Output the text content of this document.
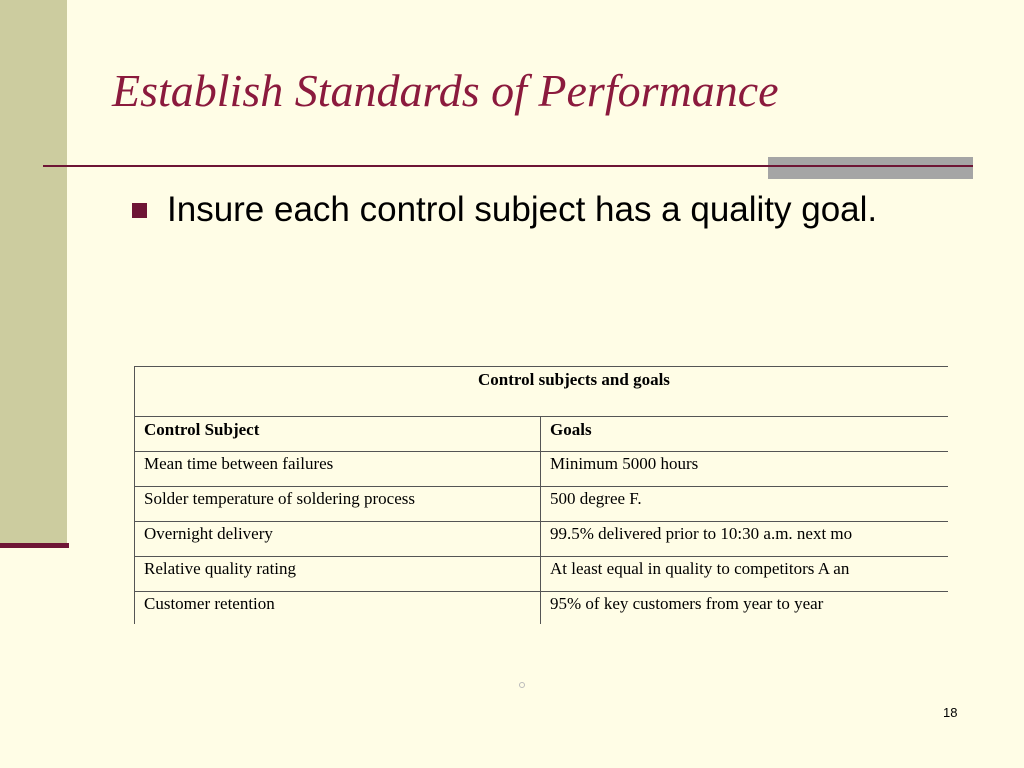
Establish Standards of Performance
Insure each control subject has a quality goal.
Control subjects and goals	
Control Subject	Goals
Mean time between failures	Minimum 5000 hours
Solder temperature of soldering process	500 degree F.
Overnight delivery	99.5% delivered prior to 10:30 a.m. next mo
Relative quality rating	At least equal in quality to competitors A an
Customer retention	95% of key customers from year to year
18
